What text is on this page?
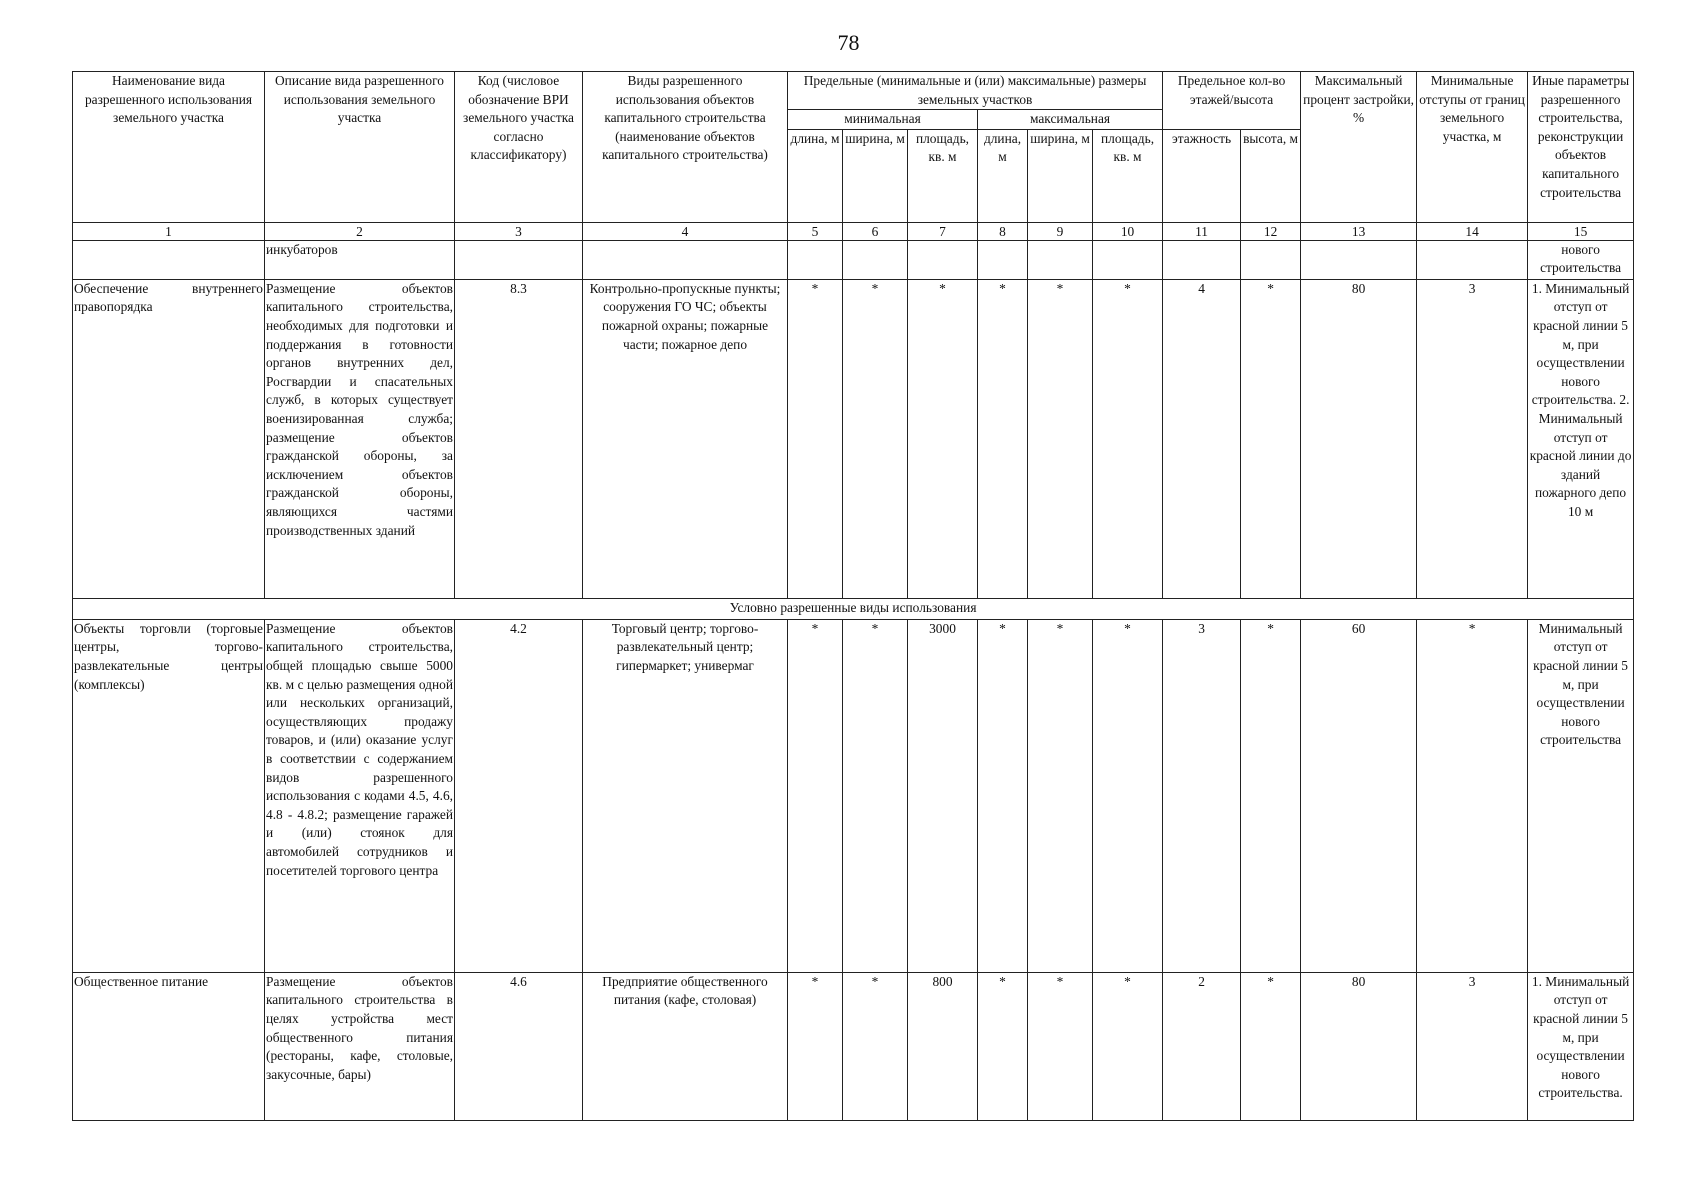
78
Наименование вида разрешенного использования земельного участка	Описание вида разрешенного использования земельного участка	Код (числовое обозначение ВРИ земельного участка согласно классификатору)	Виды разрешенного использования объектов капитального строительства (наименование объектов капитального строительства)	Предельные (минимальные и (или) максимальные) размеры земельных участков						Предельное кол-во этажей/высота		Максимальный процент застройки, %	Минимальные отступы от границ земельного участка, м	Иные параметры разрешенного строительства, реконструкции объектов капитального строительства
				минимальная			максимальная							
				длина, м	ширина, м	площадь, кв. м	длина, м	ширина, м	площадь, кв. м	этажность	высота, м			
1	2	3	4	5	6	7	8	9	10	11	12	13	14	15
	инкубаторов													нового строительства
Обеспечение внутреннего правопорядка	Размещение объектов капитального строительства, необходимых для подготовки и поддержания в готовности органов внутренних дел, Росгвардии и спасательных служб, в которых существует военизированная служба; размещение объектов гражданской обороны, за исключением объектов гражданской обороны, являющихся частями производственных зданий	8.3	Контрольно-пропускные пункты; сооружения ГО ЧС; объекты пожарной охраны; пожарные части; пожарное депо	*	*	*	*	*	*	4	*	80	3	1. Минимальный отступ от красной линии 5 м, при осуществлении нового строительства. 2. Минимальный отступ от красной линии до зданий пожарного депо 10 м
Условно разрешенные виды использования														
Объекты торговли (торговые центры, торгово-развлекательные центры (комплексы)	Размещение объектов капитального строительства, общей площадью свыше 5000 кв. м с целью размещения одной или нескольких организаций, осуществляющих продажу товаров, и (или) оказание услуг в соответствии с содержанием видов разрешенного использования с кодами 4.5, 4.6, 4.8 - 4.8.2; размещение гаражей и (или) стоянок для автомобилей сотрудников и посетителей торгового центра	4.2	Торговый центр; торгово-развлекательный центр; гипермаркет; универмаг	*	*	3000	*	*	*	3	*	60	*	Минимальный отступ от красной линии 5 м, при осуществлении нового строительства
Общественное питание	Размещение объектов капитального строительства в целях устройства мест общественного питания (рестораны, кафе, столовые, закусочные, бары)	4.6	Предприятие общественного питания (кафе, столовая)	*	*	800	*	*	*	2	*	80	3	1. Минимальный отступ от красной линии 5 м, при осуществлении нового строительства.
